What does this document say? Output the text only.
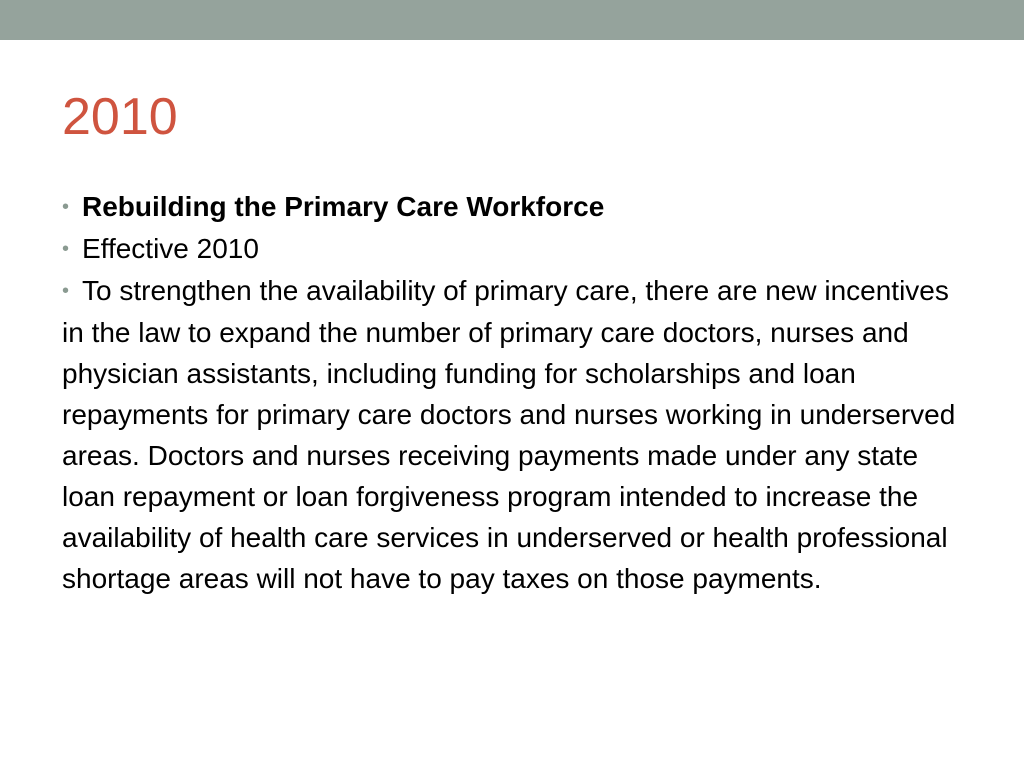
2010
• Rebuilding the Primary Care Workforce
• Effective 2010
• To strengthen the availability of primary care, there are new incentives in the law to expand the number of primary care doctors, nurses and physician assistants, including funding for scholarships and loan repayments for primary care doctors and nurses working in underserved areas. Doctors and nurses receiving payments made under any state loan repayment or loan forgiveness program intended to increase the availability of health care services in underserved or health professional shortage areas will not have to pay taxes on those payments.
